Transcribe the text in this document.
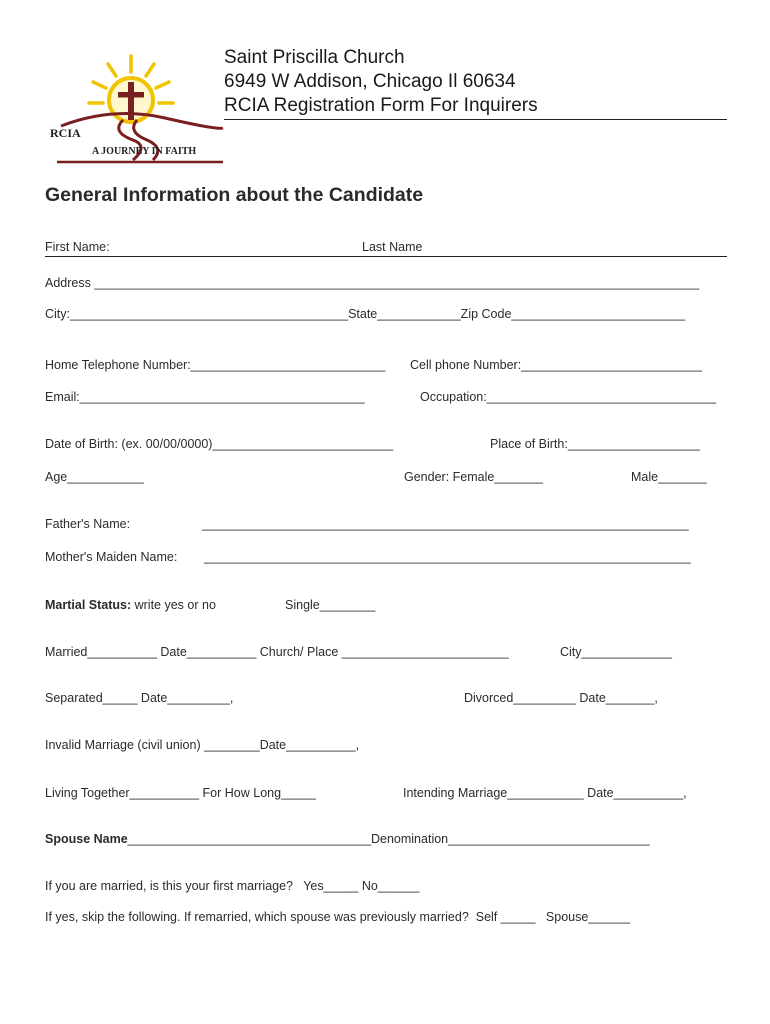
RCIA

A JOURNEY IN FAITH

Saint Priscilla Church
6949 W Addison, Chicago Il 60634
RCIA Registration Form For Inquirers
General Information about the Candidate
First Name:	Last Name
Address _______________________________________________________________________________________
City:________________________________________State____________Zip Code_________________________
Home Telephone Number:____________________________ Cell phone Number:__________________________
Email:_________________________________________	Occupation:_________________________________
Date of Birth: (ex. 00/00/0000)__________________________	Place of Birth:___________________
Age___________	Gender: Female_______	Male_______
Father's Name:	______________________________________________________________________
Mother's Maiden Name: ______________________________________________________________________
Martial Status: write yes or no	Single________
Married__________ Date__________ Church/ Place ________________________	City_____________
Separated_____ Date_________,	Divorced_________ Date_______,
Invalid Marriage (civil union) ________Date__________,
Living Together__________ For How Long_____	Intending Marriage___________ Date__________,
Spouse Name___________________________________Denomination_____________________________
If you are married, is this your first marriage?   Yes_____ No______
If yes, skip the following. If remarried, which spouse was previously married?  Self _____   Spouse______
